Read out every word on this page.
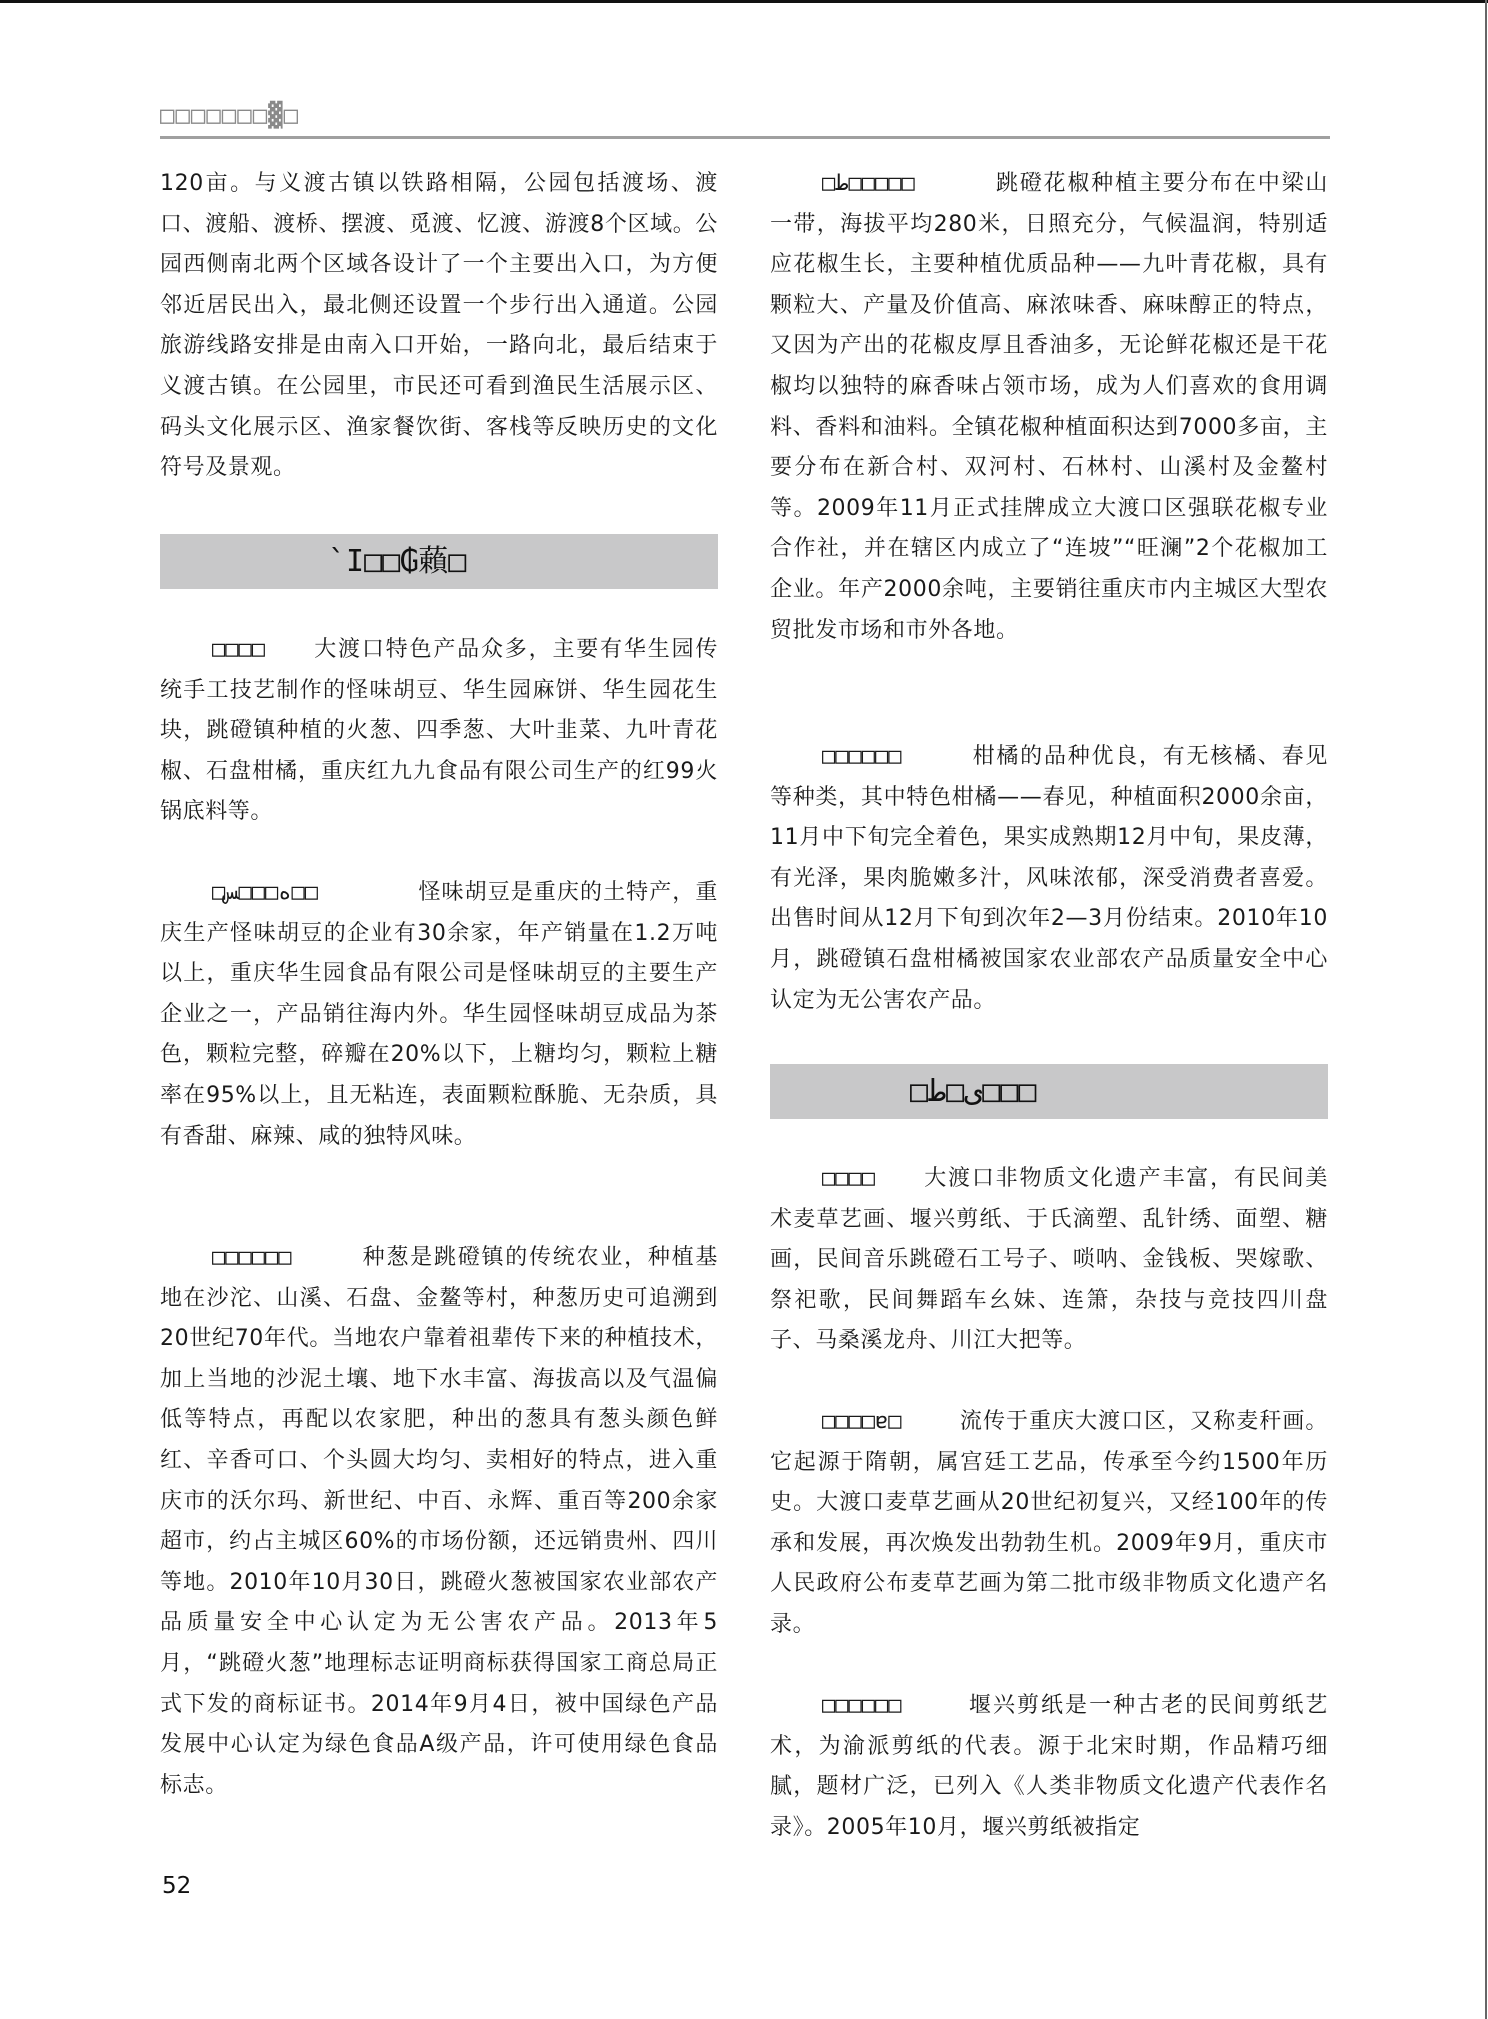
□□□□□□□▓□
120亩。与义渡古镇以铁路相隔，公园包括渡场、渡口、渡船、渡桥、摆渡、觅渡、忆渡、游渡8个区域。公园西侧南北两个区域各设计了一个主要出入口，为方便邻近居民出入，最北侧还设置一个步行出入通道。公园旅游线路安排是由南入口开始，一路向北，最后结束于义渡古镇。在公园里，市民还可看到渔民生活展示区、码头文化展示区、渔家餐饮街、客栈等反映历史的文化符号及景观。
`I□□₲藾□
□□□□ 大渡口特色产品众多，主要有华生园传统手工技艺制作的怪味胡豆、华生园麻饼、华生园花生块，跳磴镇种植的火葱、四季葱、大叶韭菜、九叶青花椒、石盘柑橘，重庆红九九食品有限公司生产的红99火锅底料等。
□ه□□□ﺲ□□	怪味胡豆是重庆的土特产，重庆生产怪味胡豆的企业有30余家，年产销量在1.2万吨以上，重庆华生园食品有限公司是怪味胡豆的主要生产企业之一，产品销往海内外。华生园怪味胡豆成品为茶色，颗粒完整，碎瓣在20%以下，上糖均匀，颗粒上糖率在95%以上，且无粘连，表面颗粒酥脆、无杂质，具有香甜、麻辣、咸的独特风味。
□□□□□□	种葱是跳磴镇的传统农业，种植基地在沙沱、山溪、石盘、金鳌等村，种葱历史可追溯到20世纪70年代。当地农户靠着祖辈传下来的种植技术，加上当地的沙泥土壤、地下水丰富、海拔高以及气温偏低等特点，再配以农家肥，种出的葱具有葱头颜色鲜红、辛香可口、个头圆大均匀、卖相好的特点，进入重庆市的沃尔玛、新世纪、中百、永辉、重百等200余家超市，约占主城区60%的市场份额，还远销贵州、四川等地。2010年10月30日，跳磴火葱被国家农业部农产品质量安全中心认定为无公害农产品。2013年5月，“跳磴火葱”地理标志证明商标获得国家工商总局正式下发的商标证书。2014年9月4日，被中国绿色产品发展中心认定为绿色食品A级产品，许可使用绿色食品标志。
□ط□□□□□	跳磴花椒种植主要分布在中梁山一带，海拔平均280米，日照充分，气候温润，特别适应花椒生长，主要种植优质品种——九叶青花椒，具有颗粒大、产量及价值高、麻浓味香、麻味醇正的特点，又因为产出的花椒皮厚且香油多，无论鲜花椒还是干花椒均以独特的麻香味占领市场，成为人们喜欢的食用调料、香料和油料。全镇花椒种植面积达到7000多亩，主要分布在新合村、双河村、石林村、山溪村及金鳌村等。2009年11月正式挂牌成立大渡口区强联花椒专业合作社，并在辖区内成立了“连坡”“旺澜”2个花椒加工企业。年产2000余吨，主要销往重庆市内主城区大型农贸批发市场和市外各地。
□□□□□□	柑橘的品种优良，有无核橘、春见等种类，其中特色柑橘——春见，种植面积2000余亩，11月中下旬完全着色，果实成熟期12月中旬，果皮薄，有光泽，果肉脆嫩多汁，风味浓郁，深受消费者喜爱。出售时间从12月下旬到次年2—3月份结束。2010年10月，跳磴镇石盘柑橘被国家农业部农产品质量安全中心认定为无公害农产品。
□ی□ط□□□
□□□□ 大渡口非物质文化遗产丰富，有民间美术麦草艺画、堰兴剪纸、于氏滴塑、乱针绣、面塑、糖画，民间音乐跳磴石工号子、唢呐、金钱板、哭嫁歌、祭祀歌，民间舞蹈车幺妹、连箫，杂技与竞技四川盘子、马桑溪龙舟、川江大把等。
□□□□ɐ□	流传于重庆大渡口区，又称麦秆画。它起源于隋朝，属宫廷工艺品，传承至今约1500年历史。大渡口麦草艺画从20世纪初复兴，又经100年的传承和发展，再次焕发出勃勃生机。2009年9月，重庆市人民政府公布麦草艺画为第二批市级非物质文化遗产名录。
□□□□□□	堰兴剪纸是一种古老的民间剪纸艺术，为渝派剪纸的代表。源于北宋时期，作品精巧细腻，题材广泛，已列入《人类非物质文化遗产代表作名录》。2005年10月，堰兴剪纸被指定
52
